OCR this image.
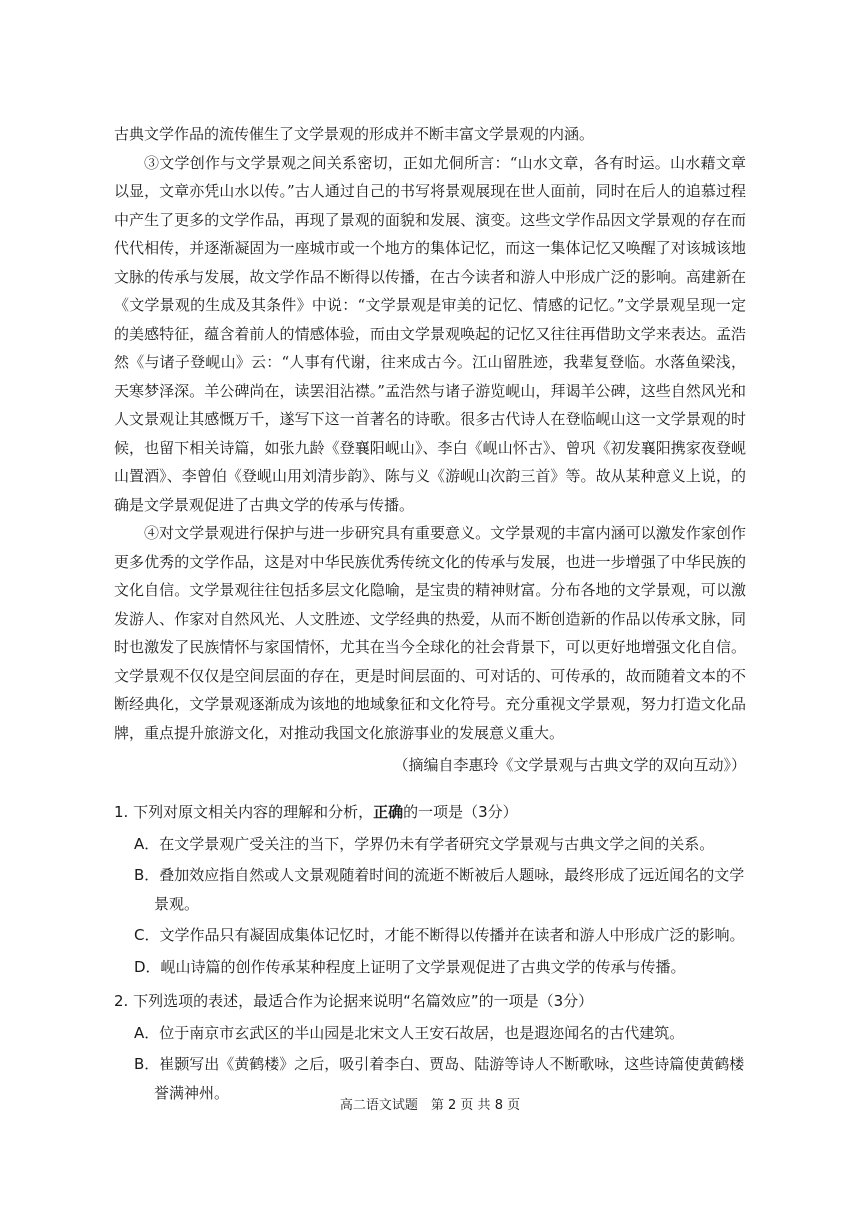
古典文学作品的流传催生了文学景观的形成并不断丰富文学景观的内涵。

③文学创作与文学景观之间关系密切，正如尤侗所言：“山水文章，各有时运。山水藉文章以显，文章亦凭山水以传。”古人通过自己的书写将景观展现在世人面前，同时在后人的追慕过程中产生了更多的文学作品，再现了景观的面貌和发展、演变。这些文学作品因文学景观的存在而代代相传，并逐渐凝固为一座城市或一个地方的集体记忆，而这一集体记忆又唤醒了对该城该地文脉的传承与发展，故文学作品不断得以传播，在古今读者和游人中形成广泛的影响。高建新在《文学景观的生成及其条件》中说：“文学景观是审美的记忆、情感的记忆。”文学景观呈现一定的美感特征，蕴含着前人的情感体验，而由文学景观唤起的记忆又往往再借助文学来表达。孟浩然《与诸子登岘山》云：“人事有代谢，往来成古今。江山留胜迹，我辈复登临。水落鱼梁浅，天寒梦泽深。羊公碑尚在，读罢泪沾襟。”孟浩然与诸子游览岘山，拜谒羊公碑，这些自然风光和人文景观让其感慨万千，遂写下这一首著名的诗歌。很多古代诗人在登临岘山这一文学景观的时候，也留下相关诗篇，如张九龄《登襄阳岘山》、李白《岘山怀古》、曾巩《初发襄阳携家夜登岘山置酒》、李曾伯《登岘山用刘清步韵》、陈与义《游岘山次韵三首》等。故从某种意义上说，的确是文学景观促进了古典文学的传承与传播。

④对文学景观进行保护与进一步研究具有重要意义。文学景观的丰富内涵可以激发作家创作更多优秀的文学作品，这是对中华民族优秀传统文化的传承与发展，也进一步增强了中华民族的文化自信。文学景观往往包括多层文化隐喻，是宝贵的精神财富。分布各地的文学景观，可以激发游人、作家对自然风光、人文胜迹、文学经典的热爱，从而不断创造新的作品以传承文脉，同时也激发了民族情怀与家国情怀，尤其在当今全球化的社会背景下，可以更好地增强文化自信。文学景观不仅仅是空间层面的存在，更是时间层面的、可对话的、可传承的，故而随着文本的不断经典化，文学景观逐渐成为该地的地域象征和文化符号。充分重视文学景观，努力打造文化品牌，重点提升旅游文化，对推动我国文化旅游事业的发展意义重大。

（摘编自李惠玲《文学景观与古典文学的双向互动》）

1. 下列对原文相关内容的理解和分析，正确的一项是（3分）

A．在文学景观广受关注的当下，学界仍未有学者研究文学景观与古典文学之间的关系。

B．叠加效应指自然或人文景观随着时间的流逝不断被后人题咏，最终形成了远近闻名的文学景观。

C．文学作品只有凝固成集体记忆时，才能不断得以传播并在读者和游人中形成广泛的影响。

D．岘山诗篇的创作传承某种程度上证明了文学景观促进了古典文学的传承与传播。

2. 下列选项的表述，最适合作为论据来说明“名篇效应”的一项是（3分）

A．位于南京市玄武区的半山园是北宋文人王安石故居，也是遐迩闻名的古代建筑。

B．崔颢写出《黄鹤楼》之后，吸引着李白、贾岛、陆游等诗人不断歌咏，这些诗篇使黄鹤楼誉满神州。

高二语文试题　第 2 页 共 8 页
